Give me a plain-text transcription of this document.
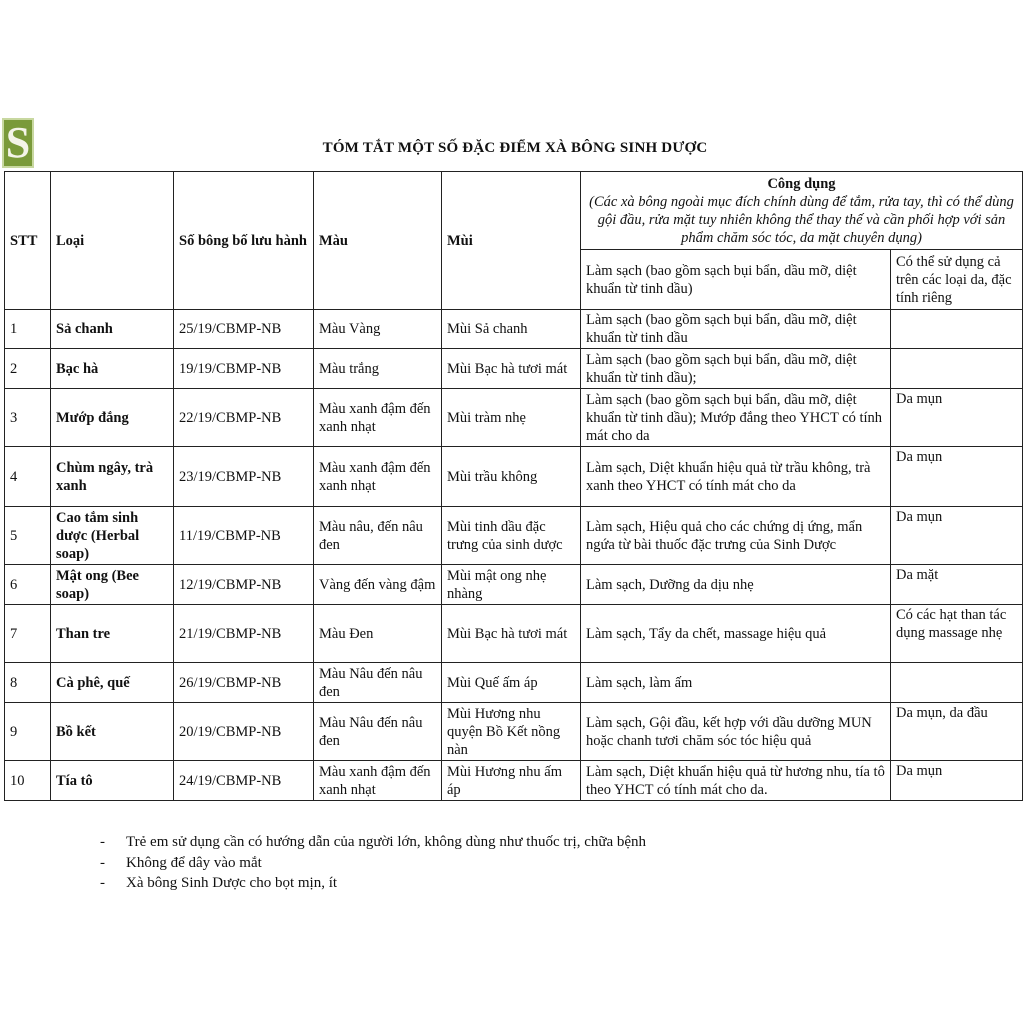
S	TÓM TẮT MỘT SỐ ĐẶC ĐIỂM XÀ BÔNG SINH DƯỢC
STT	Loại	Số bông bố lưu hành	Màu	Mùi	Công dụng
(Các xà bông ngoài mục đích chính dùng để tắm, rửa tay, thì có thể dùng gội đầu, rửa mặt tuy nhiên không thể thay thế và cần phối hợp với sản phẩm chăm sóc tóc, da mặt chuyên dụng)	

					Làm sạch (bao gồm sạch bụi bẩn, dầu mỡ, diệt khuẩn từ tinh dầu)	Có thể sử dụng cả trên các loại da, đặc tính riêng
1	Sả chanh	25/19/CBMP-NB	Màu Vàng	Mùi Sả chanh	Làm sạch (bao gồm sạch bụi bẩn, dầu mỡ, diệt khuẩn từ tinh dầu	
2	Bạc hà	19/19/CBMP-NB	Màu trắng	Mùi Bạc hà tươi mát	Làm sạch (bao gồm sạch bụi bẩn, dầu mỡ, diệt khuẩn từ tinh dầu);	
3	Mướp đắng	22/19/CBMP-NB	Màu xanh đậm đến xanh nhạt	Mùi tràm nhẹ	Làm sạch (bao gồm sạch bụi bẩn, dầu mỡ, diệt khuẩn từ tinh dầu); Mướp đắng theo YHCT có tính mát cho da	Da mụn
4	Chùm ngây, trà xanh	23/19/CBMP-NB	Màu xanh đậm đến xanh nhạt	Mùi trầu không	Làm sạch, Diệt khuẩn hiệu quả từ trầu không, trà xanh theo YHCT có tính mát cho da	Da mụn
5	Cao tắm sinh dược (Herbal soap)	11/19/CBMP-NB	Màu nâu, đến nâu đen	Mùi tinh dầu đặc trưng của sinh dược	Làm sạch, Hiệu quả cho các chứng dị ứng, mẩn ngứa từ bài thuốc đặc trưng của Sinh Dược	Da mụn
6	Mật ong (Bee soap)	12/19/CBMP-NB	Vàng đến vàng đậm	Mùi mật ong nhẹ nhàng	Làm sạch, Dưỡng da dịu nhẹ	Da mặt
7	Than tre	21/19/CBMP-NB	Màu Đen	Mùi Bạc hà tươi mát	Làm sạch, Tẩy da chết, massage hiệu quả	Có các hạt than tác dụng massage nhẹ
8	Cà phê, quế	26/19/CBMP-NB	Màu Nâu đến nâu đen	Mùi Quế ấm áp	Làm sạch, làm ấm	
9	Bồ kết	20/19/CBMP-NB	Màu Nâu đến nâu đen	Mùi Hương nhu quyện Bồ Kết nồng nàn	Làm sạch, Gội đầu, kết hợp với dầu dưỡng MUN hoặc chanh tươi chăm sóc tóc hiệu quả	Da mụn, da đầu
10	Tía tô	24/19/CBMP-NB	Màu xanh đậm đến xanh nhạt	Mùi Hương nhu ấm áp	Làm sạch, Diệt khuẩn hiệu quả từ hương nhu, tía tô theo YHCT có tính mát cho da.	Da mụn
-	Trẻ em sử dụng cần có hướng dẫn của người lớn, không dùng như thuốc trị, chữa bệnh
-	Không để dây vào mắt
-	Xà bông Sinh Dược cho bọt mịn, ít
